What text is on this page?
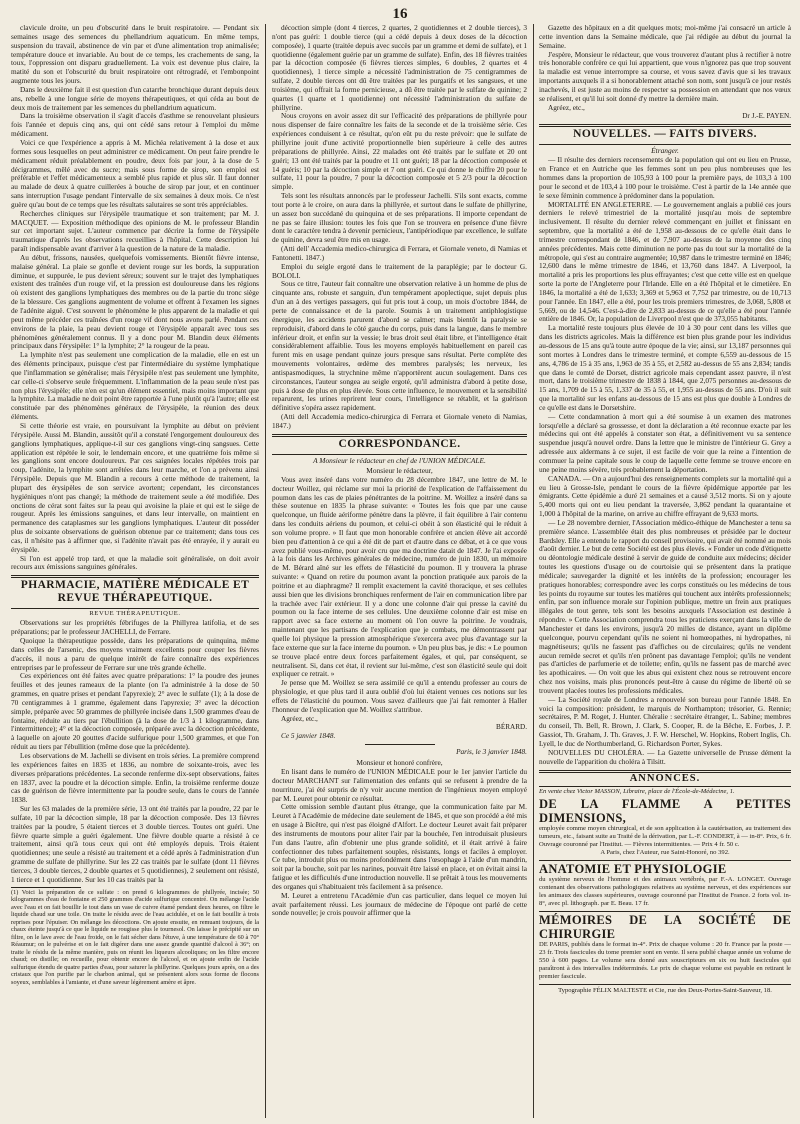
16

clavicule droite, un peu d'obscurité dans le bruit respiratoire. — Pendant six semaines usage des semences du phellandrium aquaticum. En même temps, suspension du travail, abstinence de vin par et d'une alimentation trop animalisée; température douce et invariable. Au bout de ce temps, les crachements de sang, la toux, l'oppression ont disparu graduellement. La voix est devenue plus claire, la matité du son et l'obscurité du bruit respiratoire ont rétrogradé, et l'embonpoint augmente tous les jours.

Dans le deuxième fait il est question d'un catarrhe bronchique durant depuis deux ans, rebelle à une longue série de moyens thérapeutiques, et qui céda au bout de deux mois de traitement par les semences du phellandrium aquaticum.

Dans la troisième observation il s'agit d'accès d'asthme se renouvelant plusieurs fois l'année et depuis cinq ans, qui ont cédé sans retour à l'emploi du même médicament.

Voici ce que l'expérience a appris à M. Michéa relativement à la dose et aux formes sous lesquelles on peut administrer ce médicament. On peut faire prendre le médicament réduit préalablement en poudre, deux fois par jour, à la dose de 5 décigrammes, mêlé avec du sucre; mais sous forme de sirop, son emploi est préférable et l'effet médicamenteux a semblé plus rapide et plus sûr. Il faut donner au malade de deux à quatre cuillerées à bouche de sirop par jour, et en continuer sans interruption l'usage pendant l'intervalle de six semaines à deux mois. Ce n'est guère qu'au bout de ce temps que les résultats salutaires se sont très appréciables.

Recherches cliniques sur l'érysipèle traumatique et son traitement; par M. J. MACQUET. — Exposition méthodique des opinions de M. le professeur Blandin sur cet important sujet. L'auteur commence par décrire la forme de l'érysipèle traumatique d'après les observations recueillies à l'hôpital. Cette description lui paraît indispensable avant d'arriver à la question de la nature de la maladie.

Au début, frissons, nausées, quelquefois vomissements. Bientôt fièvre intense, malaise général. La plaie se gonfle et devient rouge sur les bords, la suppuration diminue, et suppurée, le pus devient séreux; souvent sur le trajet des lymphatiques existent des traînées d'un rouge vif, et la pression est douloureuse dans les régions où existent des ganglions lymphatiques des membres ou de la partie du tronc siège de la blessure. Ces ganglions augmentent de volume et offrent à l'examen les signes de l'adénite aiguë. C'est souvent le phénomène le plus apparent de la maladie et qui peut même précéder ces traînées d'un rouge vif dont nous avons parlé. Pendant ces environs de la plaie, la peau devient rouge et l'érysipèle apparaît avec tous ses phénomènes généralement connus. Il y a donc pour M. Blandin deux éléments principaux dans l'érysipèle: 1° la lymphite; 2° la rougeur de la peau.

La lymphite n'est pas seulement une complication de la maladie, elle en est un des éléments principaux, puisque c'est par l'intermédiaire du système lymphatique que l'inflammation se généralise; mais l'érysipèle n'est pas seulement une lymphite, car celle-ci s'observe seule fréquemment. L'inflammation de la peau seule n'est pas non plus l'érysipèle; elle n'en est qu'un élément essentiel, mais moins important que la lymphite. La maladie ne doit point être rapportée à l'une plutôt qu'à l'autre; elle est constituée par des phénomènes généraux de l'érysipèle, la réunion des deux éléments.

Si cette théorie est vraie, en poursuivant la lymphite au début on prévient l'érysipèle. Aussi M. Blandin, aussitôt qu'il a constaté l'engorgement douloureux des ganglions lymphatiques, applique-t-il sur ces ganglions vingt-cinq sangsues. Cette application est répétée le soir, le lendemain encore, et une quatrième fois même si les ganglions sont encore douloureux. Par ces saignées locales répétées trois par coup, l'adénite, la lymphite sont arrêtées dans leur marche, et l'on a prévenu ainsi l'érysipèle. Depuis que M. Blandin a recours à cette méthode de traitement, la plupart des érysipèles de son service avortent; cependant, les circonstances hygiéniques n'ont pas changé; la méthode de traitement seule a été modifiée. Des onctions de cérat sont faites sur la peau qui avoisine la plaie et qui est le siège de rougeur. Après les émissions sanguines, et dans leur intervalle, on maintient en permanence des cataplasmes sur les ganglions lymphatiques. L'auteur dit posséder plus de soixante observations de guérison obtenue par ce traitement; dans tous ces cas, il n'hésite pas à affirmer que, si l'adénite n'avait pas été enrayée, il y aurait eu érysipèle.

Si l'on est appelé trop tard, et que la maladie soit généralisée, on doit avoir recours aux émissions sanguines générales.

PHARMACIE, MATIÈRE MÉDICALE ET REVUE THÉRAPEUTIQUE.
REVUE THÉRAPEUTIQUE.

Observations sur les propriétés fébrifuges de la Phillyrea latifolia, et de ses préparations; par le professeur JACHELLI, de Ferrare.

Quoique la thérapeutique possède, dans les préparations de quinquina, même dans celles de l'arsenic, des moyens vraiment excellents pour couper les fièvres d'accès, il nous a paru de quelque intérêt de faire connaître des expériences entreprises par le professeur de Ferrare sur une très grande échelle.

Ces expériences ont été faites avec quatre préparations: 1° la poudre des jeunes feuilles et des jeunes rameaux de la plante (on l'a administrée à la dose de 50 grammes, en quatre prises et pendant l'apyrexie); 2° avec le sulfate (1); à la dose de 70 centigrammes à 1 gramme, également dans l'apyrexie; 3° avec la décoction simple, préparée avec 50 grammes de phillyrée incisée dans 1,500 grammes d'eau de fontaine, réduite au tiers par l'ébullition (à la dose de 1/3 à 1 kilogramme, dans l'intermittence); 4° et la décoction composée, préparée avec la décoction précédente, à laquelle on ajoute 20 gouttes d'acide sulfurique pour 1,500 grammes, et que l'on réduit au tiers par l'ébullition (même dose que la précédente).

Les observations de M. Jachelli se divisent en trois séries. La première comprend les expériences faites en 1835 et 1836, au nombre de soixante-trois, avec les diverses préparations précédentes. La seconde renferme dix-sept observations, faites en 1837, avec la poudre et la décoction simple. Enfin, la troisième renferme douze cas de guérison de fièvre intermittente par la poudre seule, dans le cours de l'année 1838.

Sur les 63 malades de la première série, 13 ont été traités par la poudre, 22 par le sulfate, 10 par la décoction simple, 18 par la décoction composée. Des 13 fièvres traitées par la poudre, 5 étaient tierces et 3 double tierces. Toutes ont guéri. Une fièvre quarte simple a guéri également. Une fièvre double quarte a résisté à ce traitement, ainsi qu'à tous ceux qui ont été employés depuis. Trois étaient quotidiennes; une seule a résisté au traitement et a cédé après à l'administration d'un gramme de sulfate de phillyrine. Sur les 22 cas traités par le sulfate (dont 11 fièvres tierces, 3 double tierces, 2 double quartes et 5 quotidiennes), 2 seulement ont résisté, 1 tierce et 1 quotidienne. Sur les 10 cas traités par la

(1) Voici la préparation de ce sulfate : on prend 6 kilogrammes de phillyrée, incisée; 50 kilogrammes d'eau de fontaine et 250 grammes d'acide sulfurique concentré. On mélange l'acide avec l'eau et on fait bouillir le tout dans un vase de cuivre étamé pendant deux heures, on filtre le liquide chaud sur une toile. On traite le résidu avec de l'eau acidulée, et on le fait bouillir à trois reprises pour l'épuiser. On mélange les décoctions. On ajoute ensuite, en remuant toujours, de la chaux éteinte jusqu'à ce que le liquide ne rougisse plus le tournesol. On laisse le précipité sur un filtre, on le lave avec de l'eau froide, on le fait sécher dans l'étuve, à une température de 60 à 70° Réaumur; on le pulvérise et on le fait digérer dans une assez grande quantité d'alcool à 36°; on traite le résidu de la même manière, puis on réunit les liqueurs alcooliques; on les filtre encore chaud; on distille; on recueille, pour obtenir encore de l'alcool, et on ajoute enfin de l'acide sulfurique étendu de quatre parties d'eau, pour saturer la phillyrine. Quelques jours après, on a des cristaux que l'on purifie par le charbon animal, qui se présentent alors sous forme de flocons soyeux, semblables à l'amiante, et d'une saveur légèrement amère et âpre.

décoction simple (dont 4 tierces, 2 quartes, 2 quotidiennes et 2 double tierces), 3 n'ont pas guéri: 1 double tierce (qui a cédé depuis à deux doses de la décoction composée), 1 quarte (traitée depuis avec succès par un gramme et demi de sulfate), et 1 quotidienne (également guérie par un gramme de sulfate). Enfin, des 18 fièvres traitées par la décoction composée (6 fièvres tierces simples, 6 doubles, 2 quartes et 4 quotidiennes), 1 tierce simple a nécessité l'administration de 75 centigrammes de sulfate, 2 double tierces ont dû être traitées par les purgatifs et les sangsues, et une troisième, qui offrait la forme pernicieuse, a dû être traitée par le sulfate de quinine; 2 quartes (1 quarte et 1 quotidienne) ont nécessité l'administration du sulfate de phillyrine.

Nous croyons en avoir assez dit sur l'efficacité des préparations de phillyrée pour nous dispenser de faire connaître les faits de la seconde et de la troisième série. Ces expériences conduisent à ce résultat, qu'on eût pu du reste prévoir: que le sulfate de phillyrine jouit d'une activité proportionnelle bien supérieure à celle des autres préparations de phillyrée. Ainsi, 22 malades ont été traités par le sulfate et 20 ont guéri; 13 ont été traités par la poudre et 11 ont guéri; 18 par la décoction composée et 14 guéris; 10 par la décoction simple et 7 ont guéri. Ce qui donne le chiffre 20 pour le sulfate, 11 pour la poudre, 7 pour la décoction composée et 5 2/3 pour la décoction simple.

Tels sont les résultats annoncés par le professeur Jachelli. S'ils sont exacts, comme tout porte à le croire, on aura dans la phillyrée, et surtout dans le sulfate de phillyrine, un assez bon succédané du quinquina et de ses préparations. Il importe cependant de ne pas se faire illusion: toutes les fois que l'on se trouvera en présence d'une fièvre dont le caractère tendra à devenir pernicieux, l'antipériodique par excellence, le sulfate de quinine, devra seul être mis en usage.

(Atti dell' Accademia medico-chirurgica di Ferrara, et Giornale veneto, di Namias et Fantonetti. 1847.)

Emploi du seigle ergoté dans le traitement de la paraplégie; par le docteur G. BOLOLI.

Sous ce titre, l'auteur fait connaître une observation relative à un homme de plus de cinquante ans, robuste et sanguin, d'un tempérament apoplectique, sujet depuis plus d'un an à des vertiges passagers, qui fut pris tout à coup, un mois d'octobre 1844, de perte de connaissance et de la parole. Soumis à un traitement antiphlogistique énergique, les accidents parurent d'abord se calmer; mais bientôt la paralysie se reproduisit, d'abord dans le côté gauche du corps, puis dans la langue, dans le membre inférieur droit, et enfin sur la vessie; le bras droit seul était libre, et l'intelligence était considérablement affaiblie. Tous les moyens employés habituellement en pareil cas furent mis en usage pendant quinze jours presque sans résultat. Perte complète des mouvements volontaires, œdème des membres paralysés; les nerveux, les antispasmodiques, la strychnine même n'apportèrent aucun soulagement. Dans ces circonstances, l'auteur songea au seigle ergoté, qu'il administra d'abord à petite dose, puis à dose de plus en plus élevée. Sous cette influence, le mouvement et la sensibilité reparurent, les urines reprirent leur cours, l'intelligence se rétablit, et la guérison définitive s'opéra assez rapidement.

(Atti dell Accademia medico-chirurgica di Ferrara et Giornale veneto di Namias, 1847.)

CORRESPONDANCE.
A Monsieur le rédacteur en chef de l'UNION MÉDICALE.
Monsieur le rédacteur,

Vous avez inséré dans votre numéro du 28 décembre 1847, une lettre de M. le docteur Woillez, qui réclame sur moi la priorité de l'explication de l'affaissement du poumon dans les cas de plaies pénétrantes de la poitrine. M. Woillez a inséré dans sa thèse soutenue en 1835 la phrase suivante: « Toutes les fois que par une cause quelconque, un fluide aériforme pénètre dans la plèvre, il fait équilibre à l'air contenu dans les conduits aériens du poumon, et celui-ci obéit à son élasticité qui le réduit à son volume propre. » Il faut que mon honorable confrère et ancien élève ait accordé bien peu d'attention à ce qui a été dit de part et d'autre dans ce débat, et à ce que vous avez publié vous-même, pour avoir cru que ma doctrine datait de 1847. Je l'ai exposée à la fois dans les Archives générales de médecine, numéro de juin 1830, un mémoire de M. Bérard aîné sur les effets de l'élasticité du poumon. Il y trouvera la phrase suivante: « Quand on retire du poumon avant la ponction pratiquée aux parois de la poitrine et au diaphragme? Il remplit exactement la cavité thoracique, et ses cellules aussi bien que les divisions bronchiques renferment de l'air en communication libre par la trachée avec l'air extérieur. Il y a donc une colonne d'air qui presse la cavité du poumon ou la face interne de ses cellules. Une deuxième colonne d'air est mise en rapport avec sa face externe au moment où l'on ouvre la poitrine. Je voudrais, maintenant que les partisans de l'explication que je combats, me démontrassent par quelle loi physique la pression atmosphérique s'exercera avec plus d'avantage sur la face externe que sur la face interne du poumon. » Un peu plus bas, je dis: « Le poumon se trouve placé entre deux forces parfaitement égales, et qui, par conséquent, se neutralisent. Si, dans cet état, il revient sur lui-même, c'est son élasticité seule qui doit expliquer ce retrait. »

Je pense que M. Woillez se sera assimilé ce qu'il a entendu professer au cours de physiologie, et que plus tard il aura oublié d'où lui étaient venues ces notions sur les effets de l'élasticité du poumon. Vous savez d'ailleurs que j'ai fait remonter à Haller l'honneur de l'explication que M. Woillez s'attribue.

Agréez, etc.,

BÉRARD.

Ce 5 janvier 1848.

Paris, le 3 janvier 1848.

Monsieur et honoré confrère,

En lisant dans le numéro de l'UNION MÉDICALE pour le 1er janvier l'article du docteur MARCHANT sur l'alimentation des enfants qui se refusent à prendre de la nourriture, j'ai été surpris de n'y voir aucune mention de l'ingénieux moyen employé par M. Leuret pour obtenir ce résultat.

Cette omission semble d'autant plus étrange, que la communication faite par M. Leuret à l'Académie de médecine date seulement de 1845, et que son procédé a été mis en usage à Bicêtre, qui n'est pas éloigné d'Alfort. Le docteur Leuret avait fait préparer des instruments de moutons pour aliter l'air par la bouchée, l'en introduisait plusieurs l'un dans l'autre, afin d'obtenir une plus grande solidité, et il était arrivé à faire confectionner des tubes parfaitement souples, résistants, longs et faciles à employer. Ce tube, introduit plus ou moins profondément dans l'œsophage à l'aide d'un mandrin, soit par la bouche, soit par les narines, pouvait être laissé en place, et on évitait ainsi la fatigue et les difficultés d'une introduction nouvelle. Il se prêtait à tous les mouvements des organes qui s'habituaient très facilement à sa présence.

M. Leuret a entretenu l'Académie d'un cas particulier, dans lequel ce moyen lui avait parfaitement réussi. Les journaux de médecine de l'époque ont parlé de cette sonde nouvelle; je crois pouvoir affirmer que la

Gazette des hôpitaux en a dit quelques mots; moi-même j'ai consacré un article à cette invention dans la Semaine médicale, que j'ai rédigée au début du journal la Semaine.

J'espère, Monsieur le rédacteur, que vous trouverez d'autant plus à rectifier à notre très honorable confrère ce qui lui appartient, que vous n'ignorez pas que trop souvent la maladie est venue interrompre sa course, et vous savez d'avis que si les travaux importants auxquels il a si honorablement attaché son nom, sont jusqu'à ce jour restés inachevés, il est juste au moins de respecter sa possession en attendant que nos vœux se réalisent, et qu'il lui soit donné d'y mettre la dernière main.

Agréez, etc.,

Dr J.-E. PAYEN.

NOUVELLES. — FAITS DIVERS.
Étranger.

— Il résulte des derniers recensements de la population qui ont eu lieu en Prusse, en France et en Autriche que les femmes sont un peu plus nombreuses que les hommes dans la proportion de 105,93 à 100 pour la première pays, de 103,3 à 100 pour le second et de 103,4 à 100 pour le troisième. C'est à partir de la 14e année que le sexe féminin commence à prédominer dans la population.

MORTALITÉ EN ANGLETERRE. — Le gouvernement anglais a publié ces jours derniers le relevé trimestriel de la mortalité jusqu'au mois de septembre inclusivement. Il résulte du dernier relevé commençant en juillet et finissant en septembre, que la mortalité a été de 1,958 au-dessous de ce qu'elle était dans le trimestre correspondant de 1846, et de 7,907 au-dessus de la moyenne des cinq années précédentes. Mais cette diminution ne porte pas du tout sur la mortalité de la métropole, qui s'est au contraire augmentée; 10,987 dans le trimestre terminé en 1846; 12,600 dans le même trimestre de 1846, et 13,760 dans 1847. A Liverpool, la mortalité a pris les proportions les plus effrayantes; c'est que cette ville est en quelque sorte la porte de l'Angleterre pour l'Irlande. Elle en a été l'hôpital et le cimetière. En 1846, la mortalité a été de 1,633; 3,369 et 5,963 et 7,752 par trimestre, ou de 10,713 pour l'année. En 1847, elle a été, pour les trois premiers trimestres, de 3,068, 5,808 et 5,669, ou de 14,546. C'est-à-dire de 2,833 au-dessus de ce qu'elle a été pour l'année entière de 1846. Or, la population de Liverpool n'est que de 373,055 habitants.

La mortalité reste toujours plus élevée de 10 à 30 pour cent dans les villes que dans les districts agricoles. Mais la différence est bien plus grande pour les individus au-dessous de 15 ans qu'à toute autre époque de la vie; ainsi, sur 13,187 personnes qui sont mortes à Londres dans le trimestre terminé, et compte 6,559 au-dessous de 15 ans, 4,786 de 15 à 35 ans, 1,963 de 35 à 55, et 2,582 au-dessus de 55 ans 2,834; tandis que dans le comté de Dorset, district agricole mais cependant assez pauvre, il n'est mort, dans le troisième trimestre de 1838 à 1844, que 2,075 personnes au-dessous de 15 ans, 1,709 de 15 à 55, 1,337 de 35 à 55, et 1,955 au-dessus de 55 ans. D'où il suit que la mortalité sur les enfans au-dessous de 15 ans est plus que double à Londres de ce qu'elle est dans le Dorsetshire.

— Cette condamnation à mort qui a été soumise à un examen des matrones lorsqu'elle a déclaré sa grossesse, et dont la déclaration a été reconnue exacte par les médecins qui ont été appelés à constater son état, a définitivement vu sa sentence suspendue jusqu'à nouvel ordre. Dans la lettre que le ministre de l'intérieur G. Grey a adressée aux aldermans à ce sujet, il est facile de voir que la reine a l'intention de commuer la peine capitale sous le coup de laquelle cette femme se trouve encore en une peine moins sévère, très probablement la déportation.

CANADA. — On a aujourd'hui des renseignements complets sur la mortalité qui a eu lieu à Grosse-Isle, pendant le cours de la fièvre épidémique apportée par les émigrants. Cette épidémie a duré 21 semaines et a causé 3,512 morts. Si on y ajoute 5,400 morts qui ont eu lieu pendant la traversée, 3,862 pendant la quarantaine et 1,000 à l'hôpital de la marine, on arrive au chiffre effrayant de 9,633 morts.

— Le 28 novembre dernier, l'Association médico-éthique de Manchester a tenu sa première séance. L'assemblée était des plus nombreuses et présidée par le docteur Bardsley. Elle a entendu le rapport du conseil provisoire, qui avait été nommé au mois d'août dernier. Le but de cette Société est des plus élevés. « Fonder un code d'étiquette ou déontologie médicale destiné à servir de guide de conduite aux médecins; décider toutes les questions d'usage ou de courtoisie qui se présentent dans la pratique médicale; sauvegarder la dignité et les intérêts de la profession; encourager les pratiques honorables; correspondre avec les corps constitués ou les médecins de tous les points du royaume sur toutes les matières qui touchent aux intérêts professionnels; enfin, par son influence morale sur l'opinion publique, mettre un frein aux pratiques illégales de tout genre, tels sont les besoins auxquels l'Association est destinée à répondre. » Cette Association comprendra tous les praticiens exerçant dans la ville de Manchester et dans les environs, jusqu'à 20 milles de distance, ayant un diplôme quelconque, pourvu cependant qu'ils ne soient ni homœopathes, ni hydropathes, ni magnétiseurs; qu'ils ne fassent pas d'affiches ou de circulaires; qu'ils ne vendent aucun remède secret et qu'ils n'en prônent pas davantage l'emploi; qu'ils ne vendent pas d'articles de parfumerie et de toilette; enfin, qu'ils ne fassent pas de marché avec les apothicaires. — On voit que les abus qui existent chez nous se retrouvent encore chez nos voisins, mais plus prononcés peut-être à cause du régime de liberté où se trouvent placées toutes les professions médicales.

— La Société royale de Londres a renouvelé son bureau pour l'année 1848. En voici la composition: président, le marquis de Northampton; trésorier, G. Rennie; secrétaires, P. M. Roget, J. Hunter. Chéralie : secrétaire étranger, L. Sabine; membres du conseil, Th. Bell, R. Brown, J. Clark, S. Cooper, R. de la Bêche, E. Forbes, J. P. Gassiot, Th. Graham, J. Th. Graves, J. F. W. Herschel, W. Hopkins, Robert Inglis, Ch. Lyell, le duc de Northumberland, G. Richardson Porter, Sykes.

NOUVELLES DU CHOLÉRA. — La Gazette universelle de Prusse dément la nouvelle de l'apparition du choléra à Tilsitt.

ANNONCES.
En vente chez Victor MASSON, Libraire, place de l'École-de-Médecine, 1.
DE LA FLAMME A PETITES DIMENSIONS,
employée comme moyen chirurgical, et de son application à la cautérisation, au traitement des tumeurs, etc., faisant suite au Traité de la dérivation, par L.-F. CONDERT, à — in-8°. Prix, 6 fr. Ouvrage couronné par l'Institut. — Fièvres intermittentes. — Prix 4 fr. 50 c.
A Paris, chez l'Auteur, rue Saint-Honoré, no 392.
ANATOMIE ET PHYSIOLOGIE
du système nerveux de l'homme et des animaux vertébrés, par F.-A. LONGET. Ouvrage contenant des observations pathologiques relatives au système nerveux, et des expériences sur les animaux des classes supérieures, ouvrage couronné par l'Institut de France. 2 forts vol. in-8°, avec pl. lithograph. par E. Beau. 17 fr.
MÉMOIRES DE LA SOCIÉTÉ DE CHIRURGIE
DE PARIS, publiés dans le format in-4°. Prix de chaque volume : 20 fr. France par la poste — 23 fr. Trois fascicules du tome premier sont en vente. Il sera publié chaque année un volume de 550 à 600 pages. Le volume sera donné aux souscripteurs en six ou huit fascicules qui paraîtront à des intervalles indéterminés. Le prix de chaque volume est payable en retirant le premier fascicule.
Typographie FÉLIX MALTESTE et Cie, rue des Deux-Portes-Saint-Sauveur, 18.
